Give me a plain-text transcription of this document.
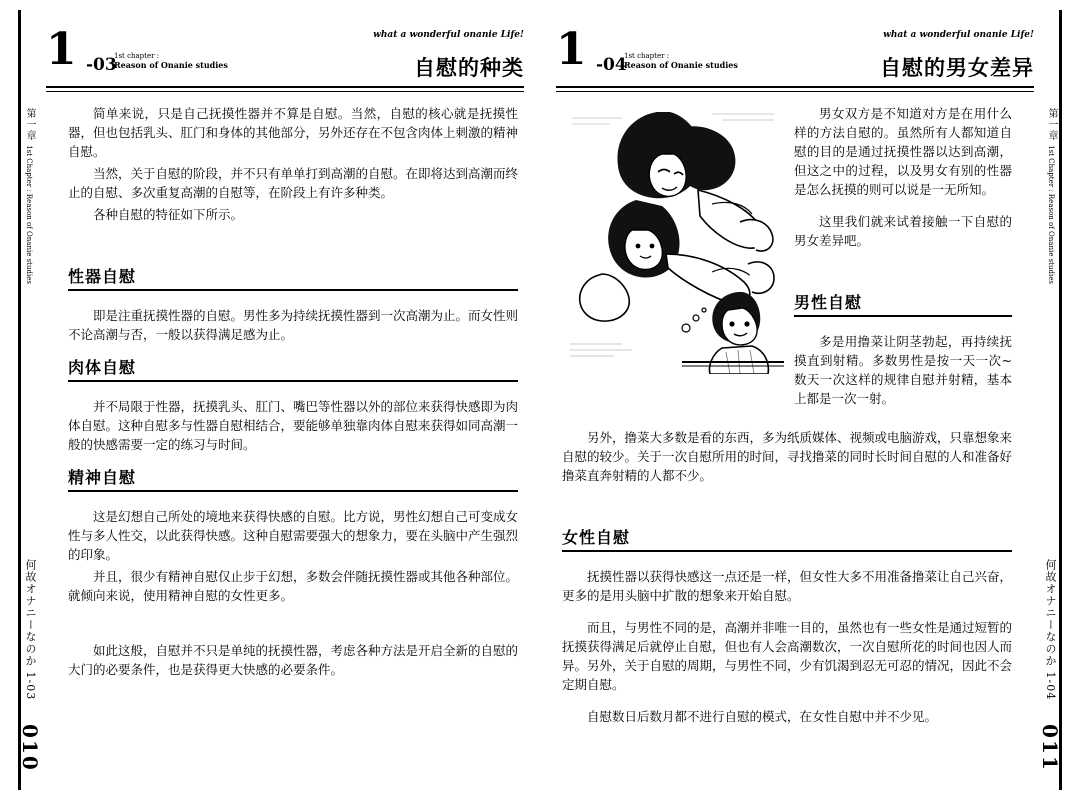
第一章 1st Chapter : Reason of Onanie studies
何故オナニーなのか 1-03
010
what a wonderful onanie Life!
1 -03
1st chapter :
Reason of Onanie studies	自慰的种类

简单来说，只是自己抚摸性器并不算是自慰。当然，自慰的核心就是抚摸性器，但也包括乳头、肛门和身体的其他部分，另外还存在不包含肉体上刺激的精神自慰。

当然，关于自慰的阶段，并不只有单单打到高潮的自慰。在即将达到高潮而终止的自慰、多次重复高潮的自慰等，在阶段上有许多种类。

各种自慰的特征如下所示。

性器自慰

即是注重抚摸性器的自慰。男性多为持续抚摸性器到一次高潮为止。而女性则不论高潮与否，一般以获得满足感为止。

肉体自慰

并不局限于性器，抚摸乳头、肛门、嘴巴等性器以外的部位来获得快感即为肉体自慰。这种自慰多与性器自慰相结合，要能够单独靠肉体自慰来获得如同高潮一般的快感需要一定的练习与时间。

精神自慰

这是幻想自己所处的境地来获得快感的自慰。比方说，男性幻想自己可变成女性与多人性交，以此获得快感。这种自慰需要强大的想象力，要在头脑中产生强烈的印象。

并且，很少有精神自慰仅止步于幻想，多数会伴随抚摸性器或其他各种部位。就倾向来说，使用精神自慰的女性更多。

如此这般，自慰并不只是单纯的抚摸性器，考虑各种方法是开启全新的自慰的大门的必要条件，也是获得更大快感的必要条件。

第一章 1st Chapter : Reason of Onanie studies
何故オナニーなのか 1-04
011
what a wonderful onanie Life!
1 -04
1st chapter :
Reason of Onanie studies	自慰的男女差异

男女双方是不知道对方是在用什么样的方法自慰的。虽然所有人都知道自慰的目的是通过抚摸性器以达到高潮，但这之中的过程，以及男女有别的性器是怎么抚摸的则可以说是一无所知。

这里我们就来试着接触一下自慰的男女差异吧。

男性自慰

多是用撸菜让阴茎勃起，再持续抚摸直到射精。多数男性是按一天一次~数天一次这样的规律自慰并射精，基本上都是一次一射。

另外，撸菜大多数是看的东西，多为纸质媒体、视频或电脑游戏，只靠想象来自慰的较少。关于一次自慰所用的时间，寻找撸菜的同时长时间自慰的人和准备好撸菜直奔射精的人都不少。

女性自慰

抚摸性器以获得快感这一点还是一样，但女性大多不用准备撸菜让自己兴奋，更多的是用头脑中扩散的想象来开始自慰。

而且，与男性不同的是，高潮并非唯一目的，虽然也有一些女性是通过短暂的抚摸获得满足后就停止自慰，但也有人会高潮数次，一次自慰所花的时间也因人而异。另外，关于自慰的周期，与男性不同，少有饥渴到忍无可忍的情况，因此不会定期自慰。

自慰数日后数月都不进行自慰的模式，在女性自慰中并不少见。
